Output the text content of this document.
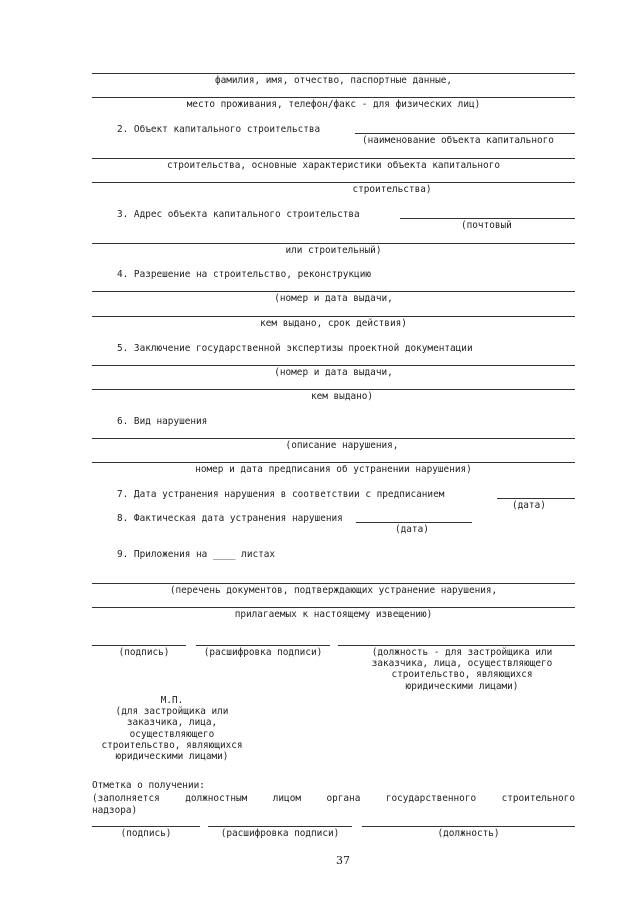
фамилия, имя, отчество, паспортные данные,
место проживания, телефон/факс - для физических лиц)
2. Объект капитального строительства
(наименование объекта капитального
строительства, основные характеристики объекта капитального
строительства)
3. Адрес объекта капитального строительства
(почтовый
или строительный)
4. Разрешение на строительство, реконструкцию
(номер и дата выдачи,
кем выдано, срок действия)
5. Заключение государственной экспертизы проектной документации
(номер и дата выдачи,
кем выдано)
6. Вид нарушения
(описание нарушения,
номер и дата предписания об устранении нарушения)
7. Дата устранения нарушения в соответствии с предписанием
(дата)
8. Фактическая дата устранения нарушения
(дата)
9. Приложения на ____ листах
(перечень документов, подтверждающих устранение нарушения,
прилагаемых к настоящему извещению)
(подпись)	(расшифровка подписи)	(должность - для застройщика или
заказчика, лица, осуществляющего
строительство, являющихся
юридическими лицами)
М.П.
(для застройщика или
заказчика, лица,
осуществляющего
строительство, являющихся
юридическими лицами)
Отметка о получении:
(заполняется	должностным	лицом	органа	государственного	строительного
надзора)
(подпись)	(расшифровка подписи)	(должность)
37
